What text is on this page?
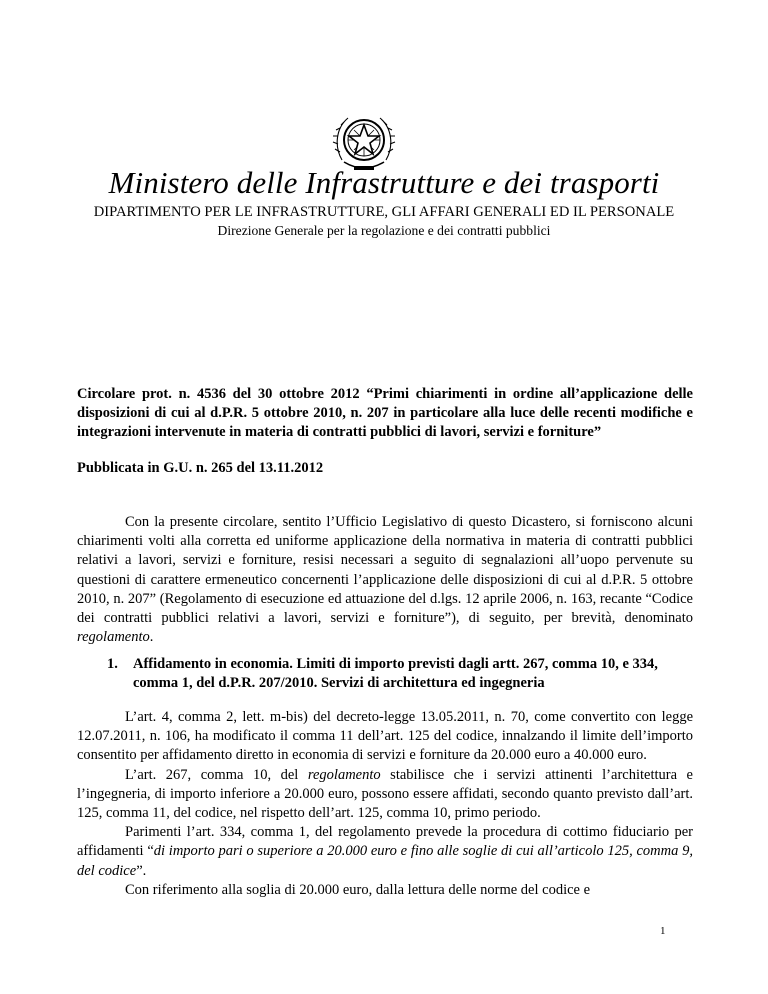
Ministero delle Infrastrutture e dei trasporti
DIPARTIMENTO PER LE INFRASTRUTTURE, GLI AFFARI GENERALI ED IL PERSONALE
Direzione Generale per la regolazione e dei contratti pubblici
Circolare prot. n. 4536 del 30 ottobre 2012 “Primi chiarimenti in ordine all’applicazione delle disposizioni di cui al d.P.R. 5 ottobre 2010, n. 207 in particolare alla luce delle recenti modifiche e integrazioni intervenute in materia di contratti pubblici di lavori, servizi e forniture”
Pubblicata in G.U. n. 265 del 13.11.2012
Con la presente circolare, sentito l’Ufficio Legislativo di questo Dicastero, si forniscono alcuni chiarimenti volti alla corretta ed uniforme applicazione della normativa in materia di contratti pubblici relativi a lavori, servizi e forniture, resisi necessari a seguito di segnalazioni all’uopo pervenute su questioni di carattere ermeneutico concernenti l’applicazione delle disposizioni di cui al d.P.R. 5 ottobre 2010, n. 207” (Regolamento di esecuzione ed attuazione del d.lgs. 12 aprile 2006, n. 163, recante “Codice dei contratti pubblici relativi a lavori, servizi e forniture”), di seguito, per brevità, denominato regolamento.
1.	Affidamento in economia. Limiti di importo previsti dagli artt. 267, comma 10, e 334, comma 1, del d.P.R. 207/2010. Servizi di architettura ed ingegneria

L’art. 4, comma 2, lett. m-bis) del decreto-legge 13.05.2011, n. 70, come convertito con legge 12.07.2011, n. 106, ha modificato il comma 11 dell’art. 125 del codice, innalzando il limite dell’importo consentito per affidamento diretto in economia di servizi e forniture da 20.000 euro a 40.000 euro.

L’art. 267, comma 10, del regolamento stabilisce che i servizi attinenti l’architettura e l’ingegneria, di importo inferiore a 20.000 euro, possono essere affidati, secondo quanto previsto dall’art. 125, comma 11, del codice, nel rispetto dell’art. 125, comma 10, primo periodo.

Parimenti l’art. 334, comma 1, del regolamento prevede la procedura di cottimo fiduciario per affidamenti “di importo pari o superiore a 20.000 euro e fino alle soglie di cui all’articolo 125, comma 9, del codice”.

Con riferimento alla soglia di 20.000 euro, dalla lettura delle norme del codice e

1
